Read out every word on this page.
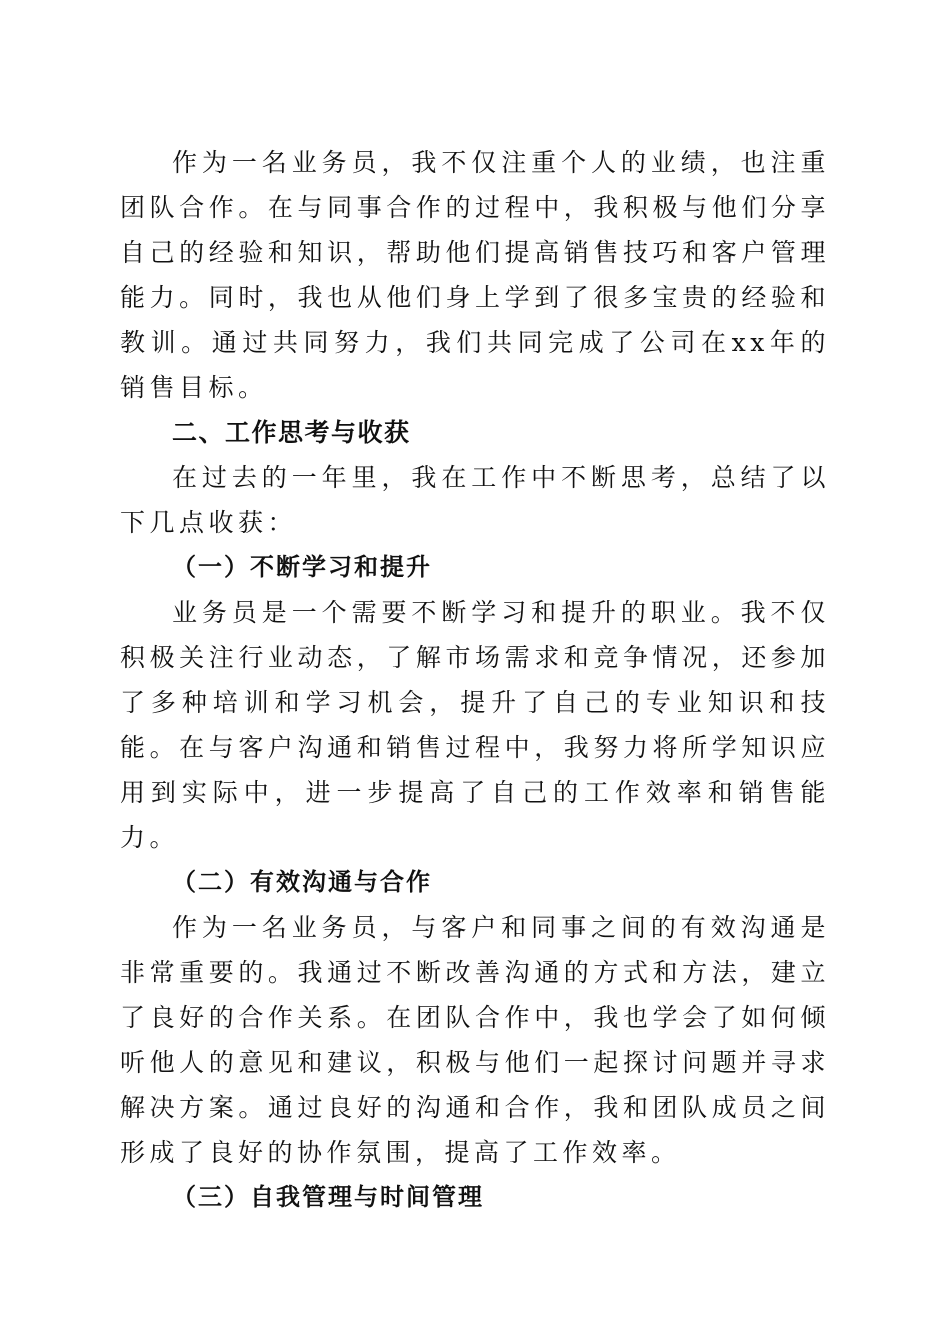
作为一名业务员，我不仅注重个人的业绩，也注重团队合作。在与同事合作的过程中，我积极与他们分享自己的经验和知识，帮助他们提高销售技巧和客户管理能力。同时，我也从他们身上学到了很多宝贵的经验和教训。通过共同努力，我们共同完成了公司在xx年的销售目标。

二、工作思考与收获

在过去的一年里，我在工作中不断思考，总结了以下几点收获：

（一）不断学习和提升

业务员是一个需要不断学习和提升的职业。我不仅积极关注行业动态，了解市场需求和竞争情况，还参加了多种培训和学习机会，提升了自己的专业知识和技能。在与客户沟通和销售过程中，我努力将所学知识应用到实际中，进一步提高了自己的工作效率和销售能力。

（二）有效沟通与合作

作为一名业务员，与客户和同事之间的有效沟通是非常重要的。我通过不断改善沟通的方式和方法，建立了良好的合作关系。在团队合作中，我也学会了如何倾听他人的意见和建议，积极与他们一起探讨问题并寻求解决方案。通过良好的沟通和合作，我和团队成员之间形成了良好的协作氛围，提高了工作效率。

（三）自我管理与时间管理
